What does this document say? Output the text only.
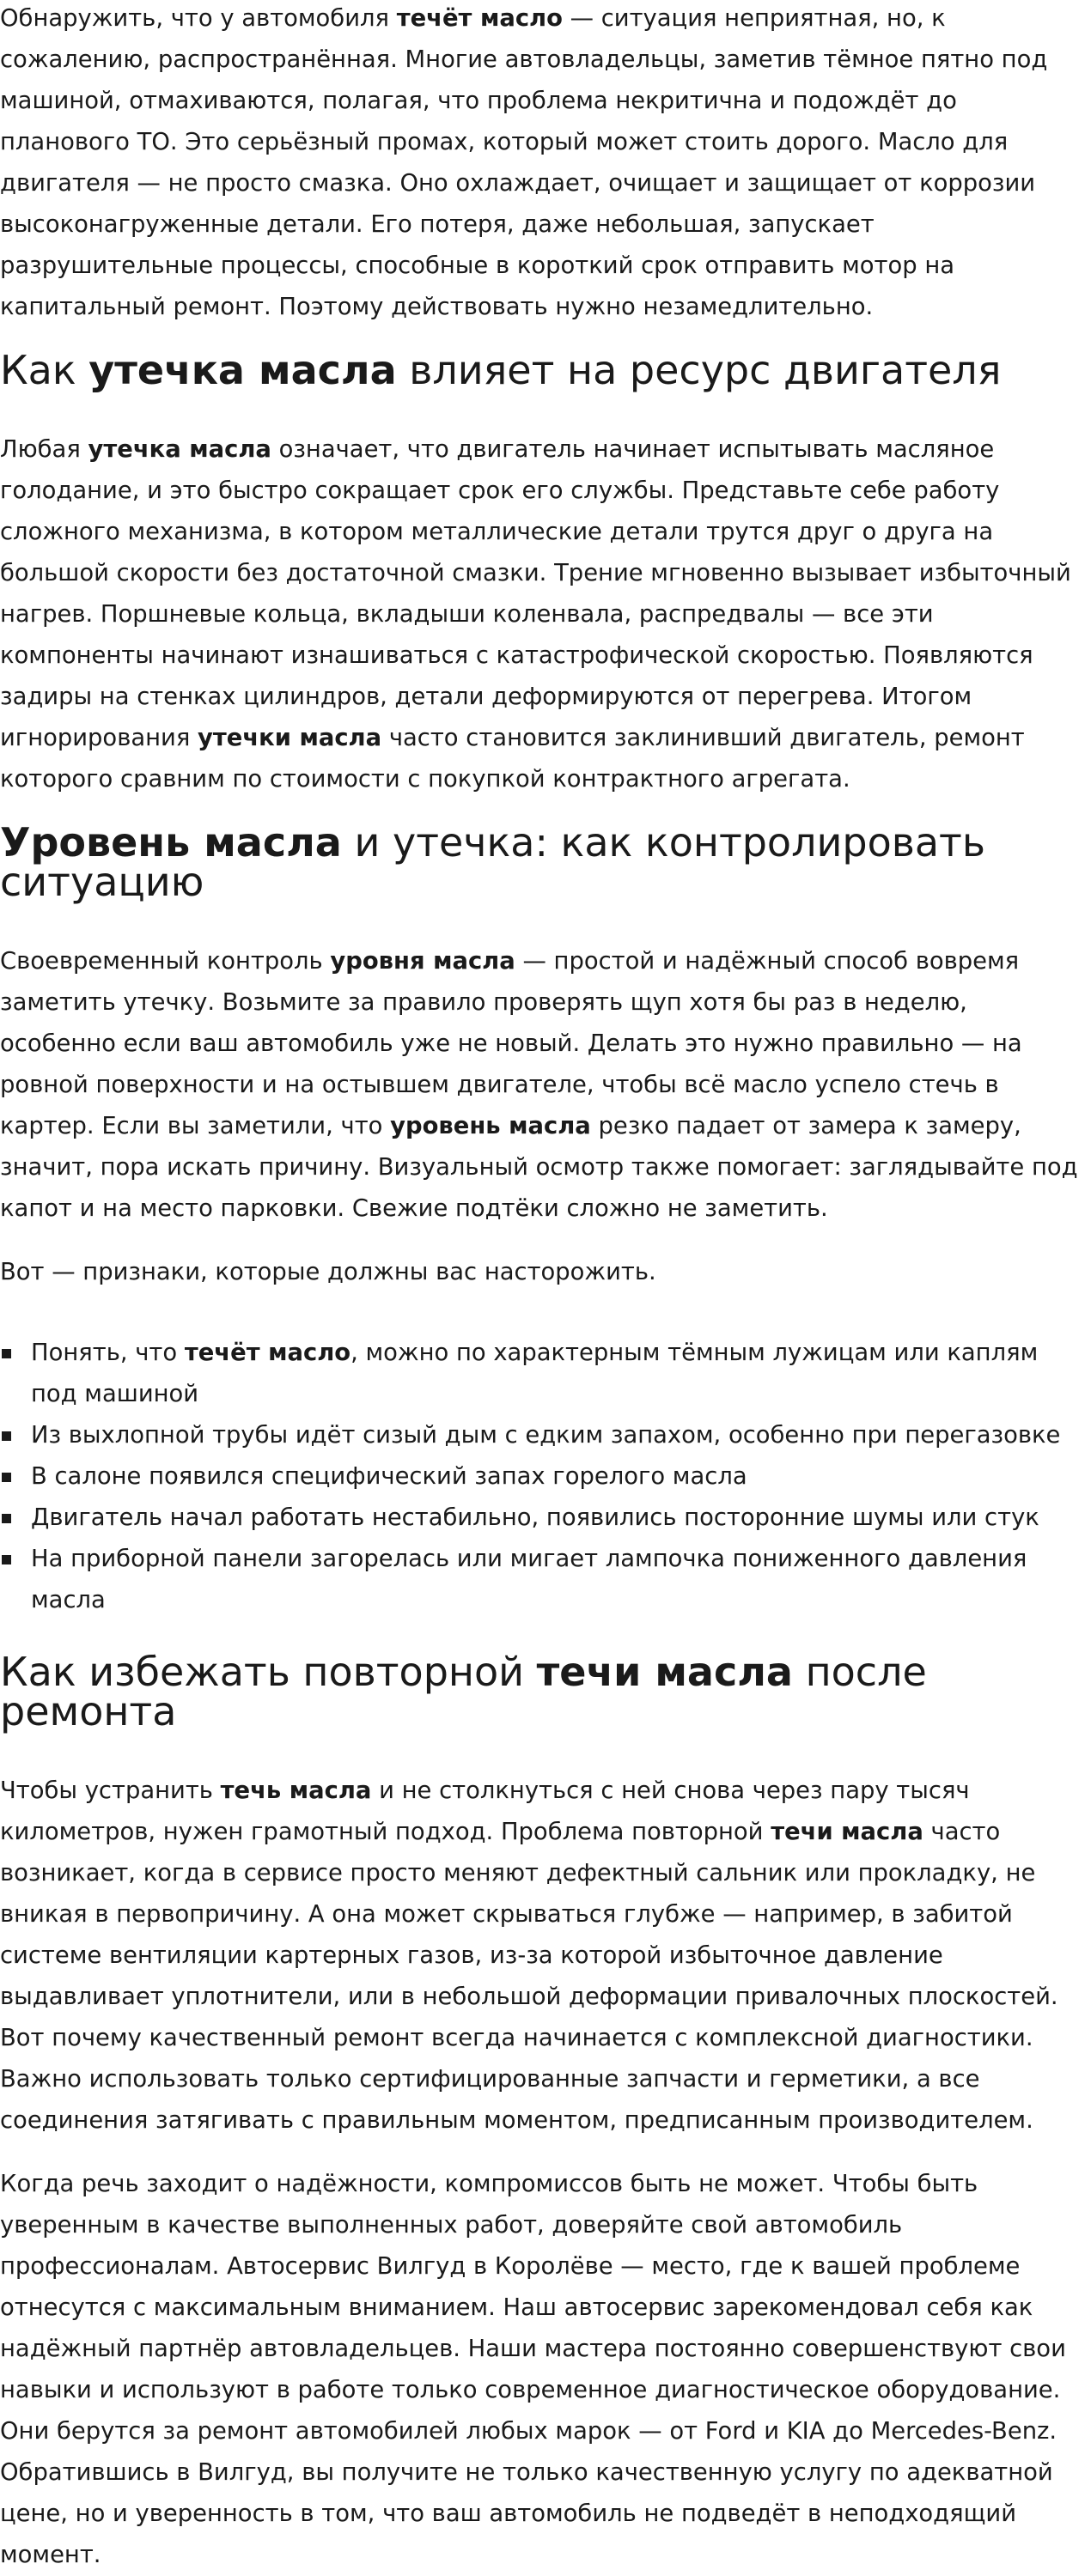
Обнаружить, что у автомобиля течёт масло — ситуация неприятная, но, к сожалению, распространённая. Многие автовладельцы, заметив тёмное пятно под машиной, отмахиваются, полагая, что проблема некритична и подождёт до планового ТО. Это серьёзный промах, который может стоить дорого. Масло для двигателя — не просто смазка. Оно охлаждает, очищает и защищает от коррозии высоконагруженные детали. Его потеря, даже небольшая, запускает разрушительные процессы, способные в короткий срок отправить мотор на капитальный ремонт. Поэтому действовать нужно незамедлительно.

Как утечка масла влияет на ресурс двигателя

Любая утечка масла означает, что двигатель начинает испытывать масляное голодание, и это быстро сокращает срок его службы. Представьте себе работу сложного механизма, в котором металлические детали трутся друг о друга на большой скорости без достаточной смазки. Трение мгновенно вызывает избыточный нагрев. Поршневые кольца, вкладыши коленвала, распредвалы — все эти компоненты начинают изнашиваться с катастрофической скоростью. Появляются задиры на стенках цилиндров, детали деформируются от перегрева. Итогом игнорирования утечки масла часто становится заклинивший двигатель, ремонт которого сравним по стоимости с покупкой контрактного агрегата.

Уровень масла и утечка: как контролировать ситуацию

Своевременный контроль уровня масла — простой и надёжный способ вовремя заметить утечку. Возьмите за правило проверять щуп хотя бы раз в неделю, особенно если ваш автомобиль уже не новый. Делать это нужно правильно — на ровной поверхности и на остывшем двигателе, чтобы всё масло успело стечь в картер. Если вы заметили, что уровень масла резко падает от замера к замеру, значит, пора искать причину. Визуальный осмотр также помогает: заглядывайте под капот и на место парковки. Свежие подтёки сложно не заметить.

Вот — признаки, которые должны вас насторожить.

Понять, что течёт масло, можно по характерным тёмным лужицам или каплям под машиной
Из выхлопной трубы идёт сизый дым с едким запахом, особенно при перегазовке
В салоне появился специфический запах горелого масла
Двигатель начал работать нестабильно, появились посторонние шумы или стук
На приборной панели загорелась или мигает лампочка пониженного давления масла
Как избежать повторной течи масла после ремонта

Чтобы устранить течь масла и не столкнуться с ней снова через пару тысяч километров, нужен грамотный подход. Проблема повторной течи масла часто возникает, когда в сервисе просто меняют дефектный сальник или прокладку, не вникая в первопричину. А она может скрываться глубже — например, в забитой системе вентиляции картерных газов, из-за которой избыточное давление выдавливает уплотнители, или в небольшой деформации привалочных плоскостей. Вот почему качественный ремонт всегда начинается с комплексной диагностики. Важно использовать только сертифицированные запчасти и герметики, а все соединения затягивать с правильным моментом, предписанным производителем.

Когда речь заходит о надёжности, компромиссов быть не может. Чтобы быть уверенным в качестве выполненных работ, доверяйте свой автомобиль профессионалам. Автосервис Вилгуд в Королёве — место, где к вашей проблеме отнесутся с максимальным вниманием. Наш автосервис зарекомендовал себя как надёжный партнёр автовладельцев. Наши мастера постоянно совершенствуют свои навыки и используют в работе только современное диагностическое оборудование. Они берутся за ремонт автомобилей любых марок — от Ford и KIA до Mercedes-Benz. Обратившись в Вилгуд, вы получите не только качественную услугу по адекватной цене, но и уверенность в том, что ваш автомобиль не подведёт в неподходящий момент.
